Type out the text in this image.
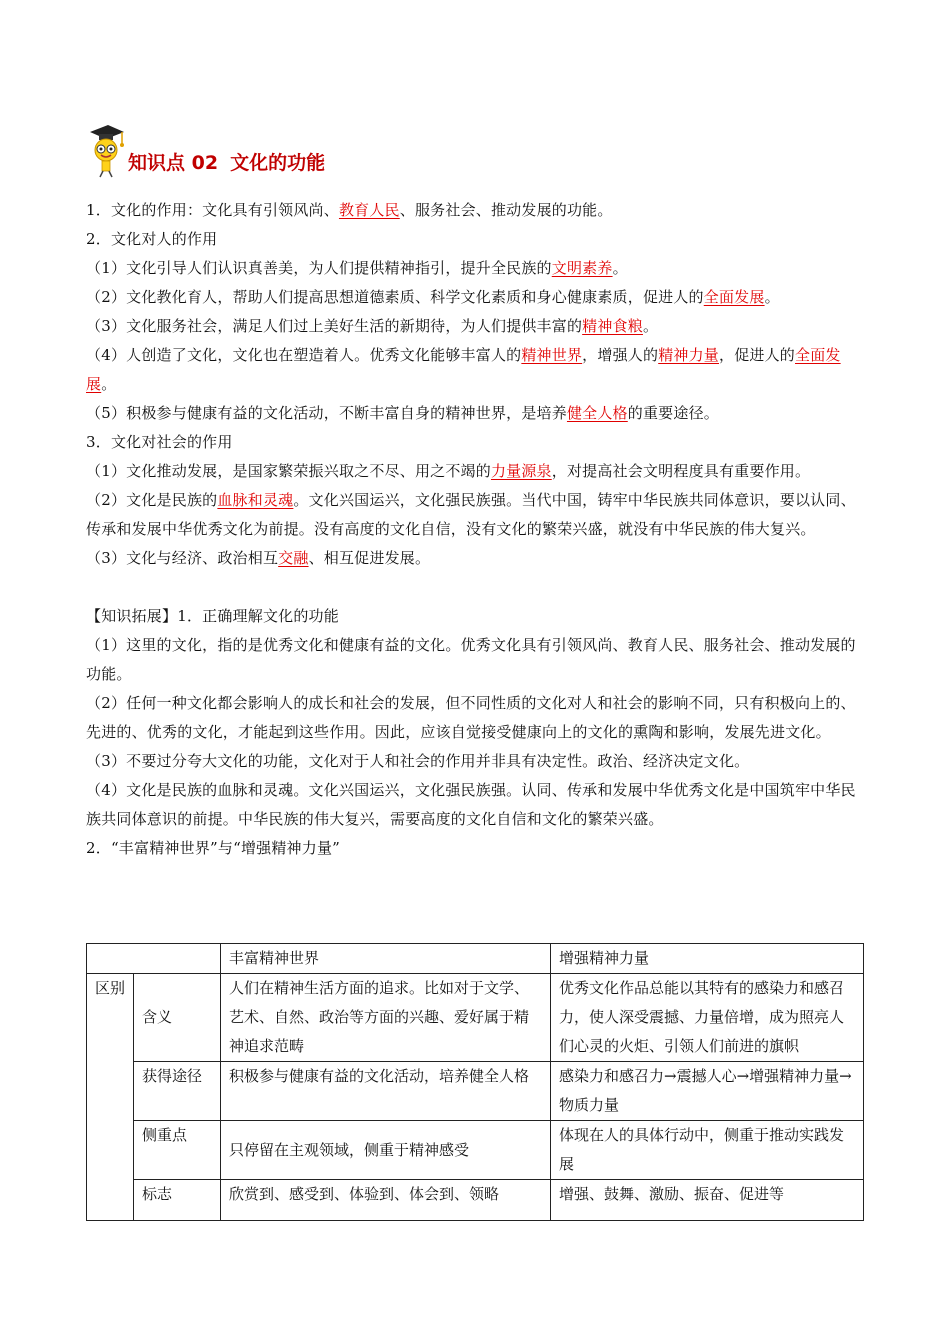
知识点 02 文化的功能

1．文化的作用：文化具有引领风尚、教育人民、服务社会、推动发展的功能。

2．文化对人的作用

（1）文化引导人们认识真善美，为人们提供精神指引，提升全民族的文明素养。

（2）文化教化育人，帮助人们提高思想道德素质、科学文化素质和身心健康素质，促进人的全面发展。

（3）文化服务社会，满足人们过上美好生活的新期待，为人们提供丰富的精神食粮。

（4）人创造了文化，文化也在塑造着人。优秀文化能够丰富人的精神世界，增强人的精神力量，促进人的全面发展。

（5）积极参与健康有益的文化活动，不断丰富自身的精神世界，是培养健全人格的重要途径。

3．文化对社会的作用

（1）文化推动发展，是国家繁荣振兴取之不尽、用之不竭的力量源泉，对提高社会文明程度具有重要作用。

（2）文化是民族的血脉和灵魂。文化兴国运兴，文化强民族强。当代中国，铸牢中华民族共同体意识，要以认同、传承和发展中华优秀文化为前提。没有高度的文化自信，没有文化的繁荣兴盛，就没有中华民族的伟大复兴。

（3）文化与经济、政治相互交融、相互促进发展。

【知识拓展】1．正确理解文化的功能

（1）这里的文化，指的是优秀文化和健康有益的文化。优秀文化具有引领风尚、教育人民、服务社会、推动发展的功能。

（2）任何一种文化都会影响人的成长和社会的发展，但不同性质的文化对人和社会的影响不同，只有积极向上的、先进的、优秀的文化，才能起到这些作用。因此，应该自觉接受健康向上的文化的熏陶和影响，发展先进文化。

（3）不要过分夸大文化的功能，文化对于人和社会的作用并非具有决定性。政治、经济决定文化。

（4）文化是民族的血脉和灵魂。文化兴国运兴，文化强民族强。认同、传承和发展中华优秀文化是中国筑牢中华民族共同体意识的前提。中华民族的伟大复兴，需要高度的文化自信和文化的繁荣兴盛。

2．“丰富精神世界”与“增强精神力量”

		丰富精神世界	增强精神力量
区别	含义	人们在精神生活方面的追求。比如对于文学、艺术、自然、政治等方面的兴趣、爱好属于精神追求范畴	优秀文化作品总能以其特有的感染力和感召力，使人深受震撼、力量倍增，成为照亮人们心灵的火炬、引领人们前进的旗帜
	获得途径	积极参与健康有益的文化活动，培养健全人格	感染力和感召力→震撼人心→增强精神力量→物质力量
	侧重点	只停留在主观领域，侧重于精神感受	体现在人的具体行动中，侧重于推动实践发展
	标志	欣赏到、感受到、体验到、体会到、领略	增强、鼓舞、激励、振奋、促进等
